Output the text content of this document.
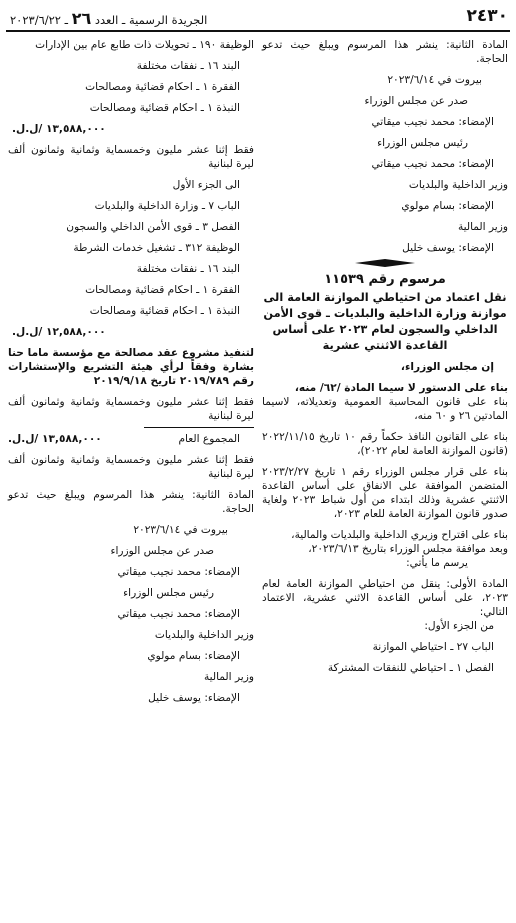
٢٤٣٠
الجريدة الرسمية ـ العدد ٢٦ ـ ٢٠٢٣/٦/٢٢

المادة الثانية: ينشر هذا المرسوم ويبلغ حيث تدعو الحاجة.

بيروت في ٢٠٢٣/٦/١٤

صدر عن مجلس الوزراء

الإمضاء: محمد نجيب ميقاتي

رئيس مجلس الوزراء

الإمضاء: محمد نجيب ميقاتي

وزير الداخلية والبلديات

الإمضاء: بسام مولوي

وزير المالية

الإمضاء: يوسف خليل

مرسوم رقم ١١٥٣٩

نقل اعتماد من احتياطي الموازنة العامة الى موازنة وزارة الداخلية والبلديات ـ قوى الأمن الداخلي والسجون لعام ٢٠٢٣ على أساس القاعدة الاثنتي عشرية

إن مجلس الوزراء،

بناء على الدستور لا سيما المادة /٦٢/ منه،

بناء على قانون المحاسبة العمومية وتعديلاته، لاسيما المادتين ٢٦ و ٦٠ منه،

بناء على القانون النافذ حكماً رقم ١٠ تاريخ ٢٠٢٢/١١/١٥ (قانون الموازنة العامة لعام ٢٠٢٢)،

بناء على قرار مجلس الوزراء رقم ١ تاريخ ٢٠٢٣/٢/٢٧ المتضمن الموافقة على الانفاق على أساس القاعدة الاثنتي عشرية وذلك ابتداء من أول شباط ٢٠٢٣ ولغاية صدور قانون الموازنة العامة للعام ٢٠٢٣،

بناء على اقتراح وزيري الداخلية والبلديات والمالية،

وبعد موافقة مجلس الوزراء بتاريخ ٢٠٢٣/٦/١٣،

يرسم ما يأتي:

المادة الأولى: ينقل من احتياطي الموازنة العامة لعام ٢٠٢٣، على أساس القاعدة الاثني عشرية، الاعتماد التالي:

من الجزء الأول:

الباب ٢٧ ـ احتياطي الموازنة

الفصل ١ ـ احتياطي للنفقات المشتركة

الوظيفة ١٩٠ ـ تحويلات ذات طابع عام بين الإدارات

البند ١٦ ـ نفقات مختلفة

الفقرة ١ ـ احكام قضائية ومصالحات

النبذة ١ ـ احكام قضائية ومصالحات

١٣,٥٨٨,٠٠٠ /ل.ل.

فقط إثنا عشر مليون وخمسماية وثمانية وثمانون ألف ليرة لبنانية

الى الجزء الأول

الباب ٧ ـ وزارة الداخلية والبلديات

الفصل ٣ ـ قوى الأمن الداخلي والسجون

الوظيفة ٣١٢ ـ تشغيل خدمات الشرطة

البند ١٦ ـ نفقات مختلفة

الفقرة ١ ـ احكام قضائية ومصالحات

النبذة ١ ـ احكام قضائية ومصالحات

١٢,٥٨٨,٠٠٠ /ل.ل.

لتنفيذ مشروع عقد مصالحة مع مؤسسة ماما حنا بشارة وفقاً لرأي هيئة التشريع والإستشارات رقم ٢٠١٩/٧٨٩ تاريخ ٢٠١٩/٩/١٨

فقط إثنا عشر مليون وخمسماية وثمانية وثمانون ألف ليرة لبنانية

المجموع العام
١٣,٥٨٨,٠٠٠ /ل.ل.

فقط إثنا عشر مليون وخمسماية وثمانية وثمانون ألف ليرة لبنانية

المادة الثانية: ينشر هذا المرسوم ويبلغ حيث تدعو الحاجة.

بيروت في ٢٠٢٣/٦/١٤

صدر عن مجلس الوزراء

الإمضاء: محمد نجيب ميقاتي

رئيس مجلس الوزراء

الإمضاء: محمد نجيب ميقاتي

وزير الداخلية والبلديات

الإمضاء: بسام مولوي

وزير المالية

الإمضاء: يوسف خليل
